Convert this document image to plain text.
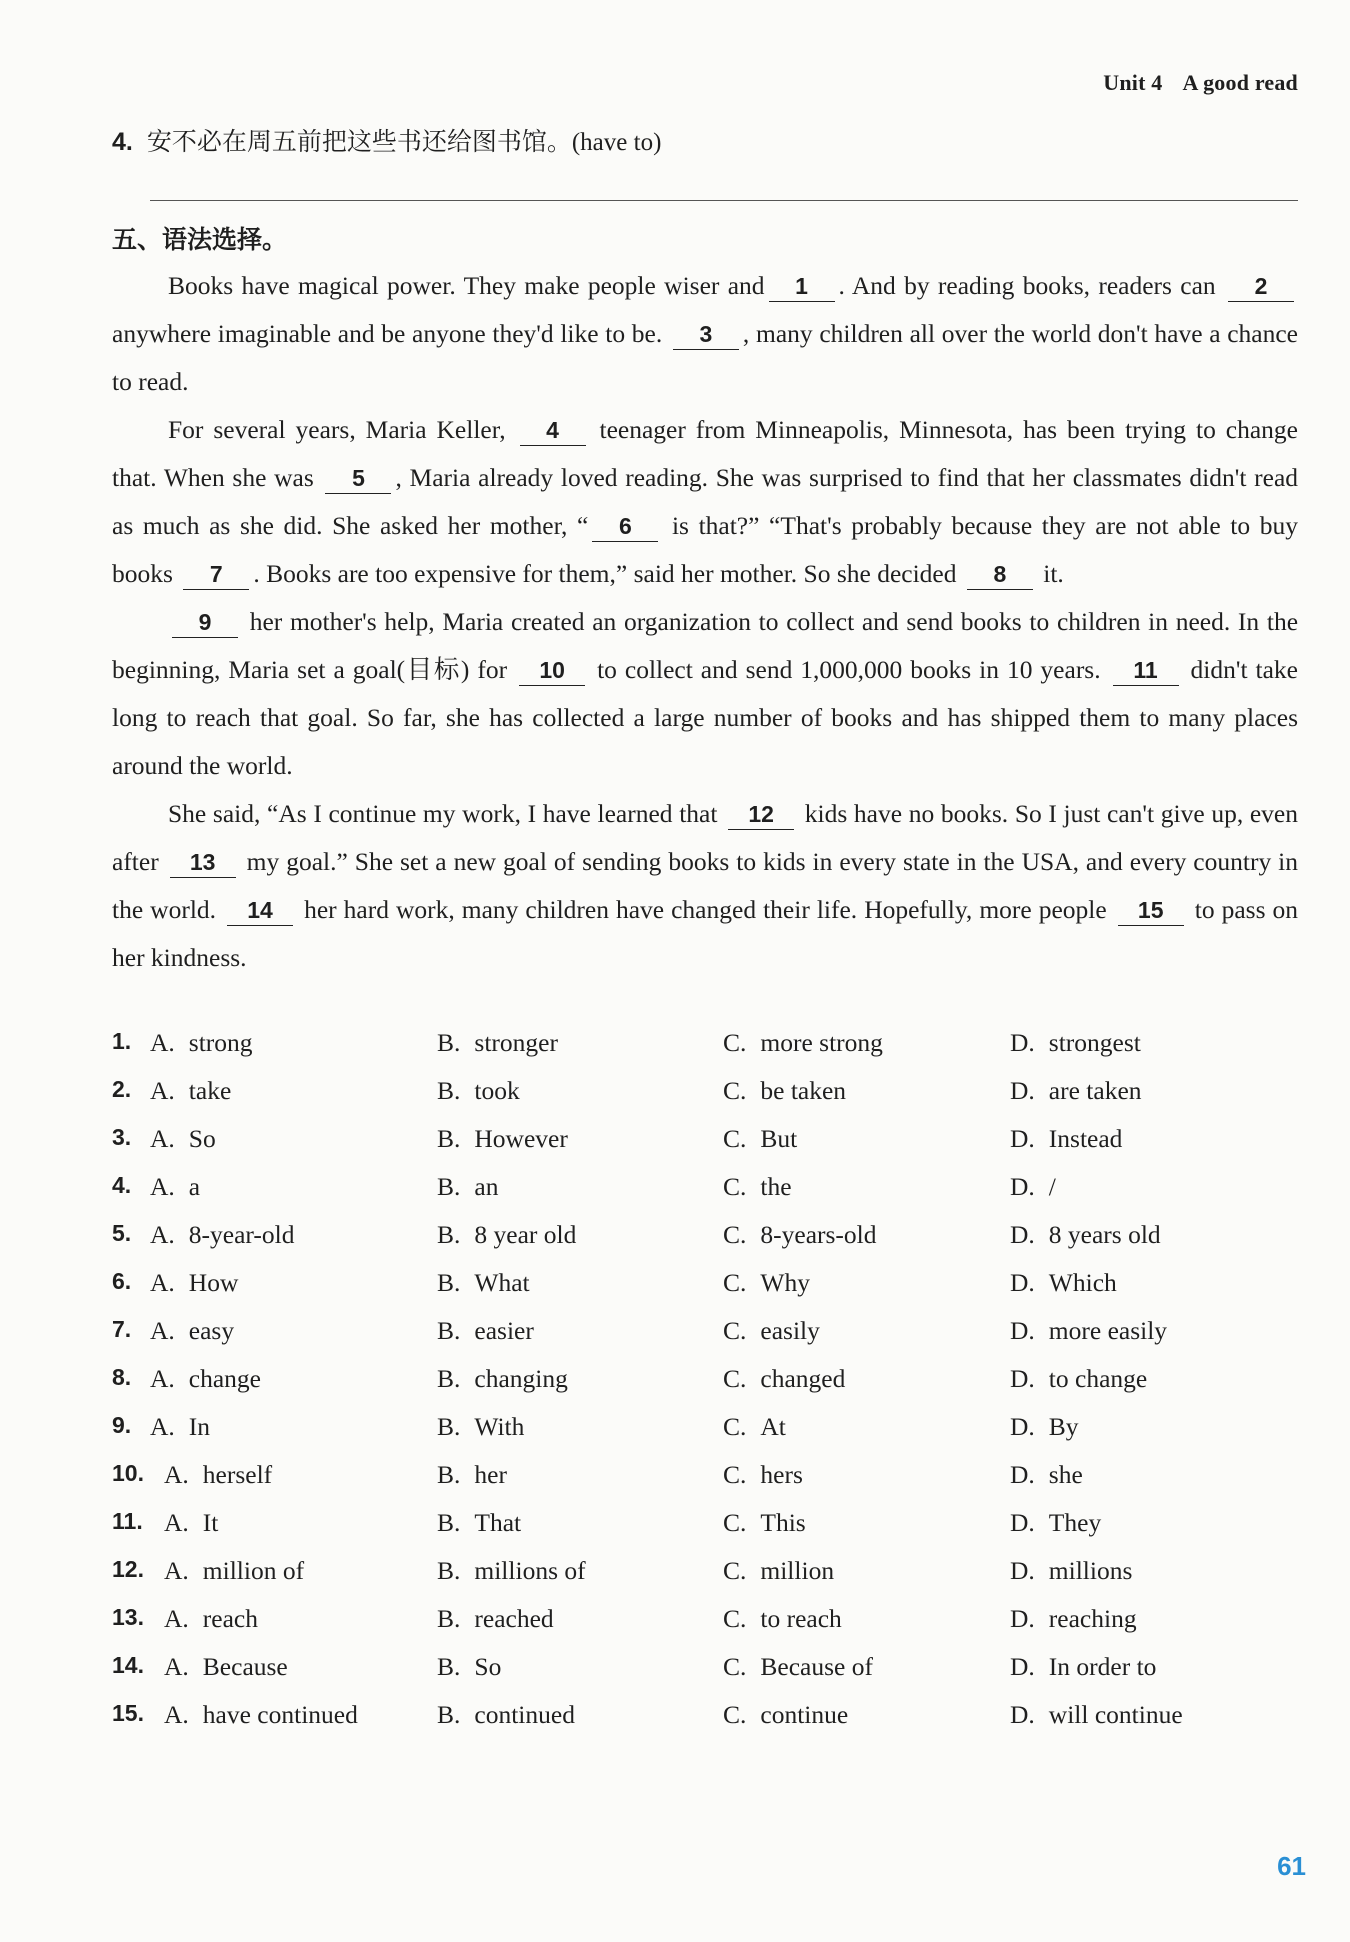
Unit 4 A good read
4. 安不必在周五前把这些书还给图书馆。(have to)
五、语法选择。

Books have magical power. They make people wiser and 1 . And by reading books, readers can 2 anywhere imaginable and be anyone they'd like to be. 3 , many children all over the world don't have a chance to read.

For several years, Maria Keller, 4 teenager from Minneapolis, Minnesota, has been trying to change that. When she was 5 , Maria already loved reading. She was surprised to find that her classmates didn't read as much as she did. She asked her mother, “ 6 is that?” “That's probably because they are not able to buy books 7 . Books are too expensive for them,” said her mother. So she decided 8 it.

9 her mother's help, Maria created an organization to collect and send books to children in need. In the beginning, Maria set a goal(目标) for 10 to collect and send 1,000,000 books in 10 years. 11 didn't take long to reach that goal. So far, she has collected a large number of books and has shipped them to many places around the world.

She said, “As I continue my work, I have learned that 12 kids have no books. So I just can't give up, even after 13 my goal.” She set a new goal of sending books to kids in every state in the USA, and every country in the world. 14 her hard work, many children have changed their life. Hopefully, more people 15 to pass on her kindness.

1. A. strong	B. stronger	C. more strong	D. strongest
2. A. take	B. took	C. be taken	D. are taken
3. A. So	B. However	C. But	D. Instead
4. A. a	B. an	C. the	D. /
5. A. 8-year-old	B. 8 year old	C. 8-years-old	D. 8 years old
6. A. How	B. What	C. Why	D. Which
7. A. easy	B. easier	C. easily	D. more easily
8. A. change	B. changing	C. changed	D. to change
9. A. In	B. With	C. At	D. By
10. A. herself	B. her	C. hers	D. she
11. A. It	B. That	C. This	D. They
12. A. million of	B. millions of	C. million	D. millions
13. A. reach	B. reached	C. to reach	D. reaching
14. A. Because	B. So	C. Because of	D. In order to
15. A. have continued	B. continued	C. continue	D. will continue
61
